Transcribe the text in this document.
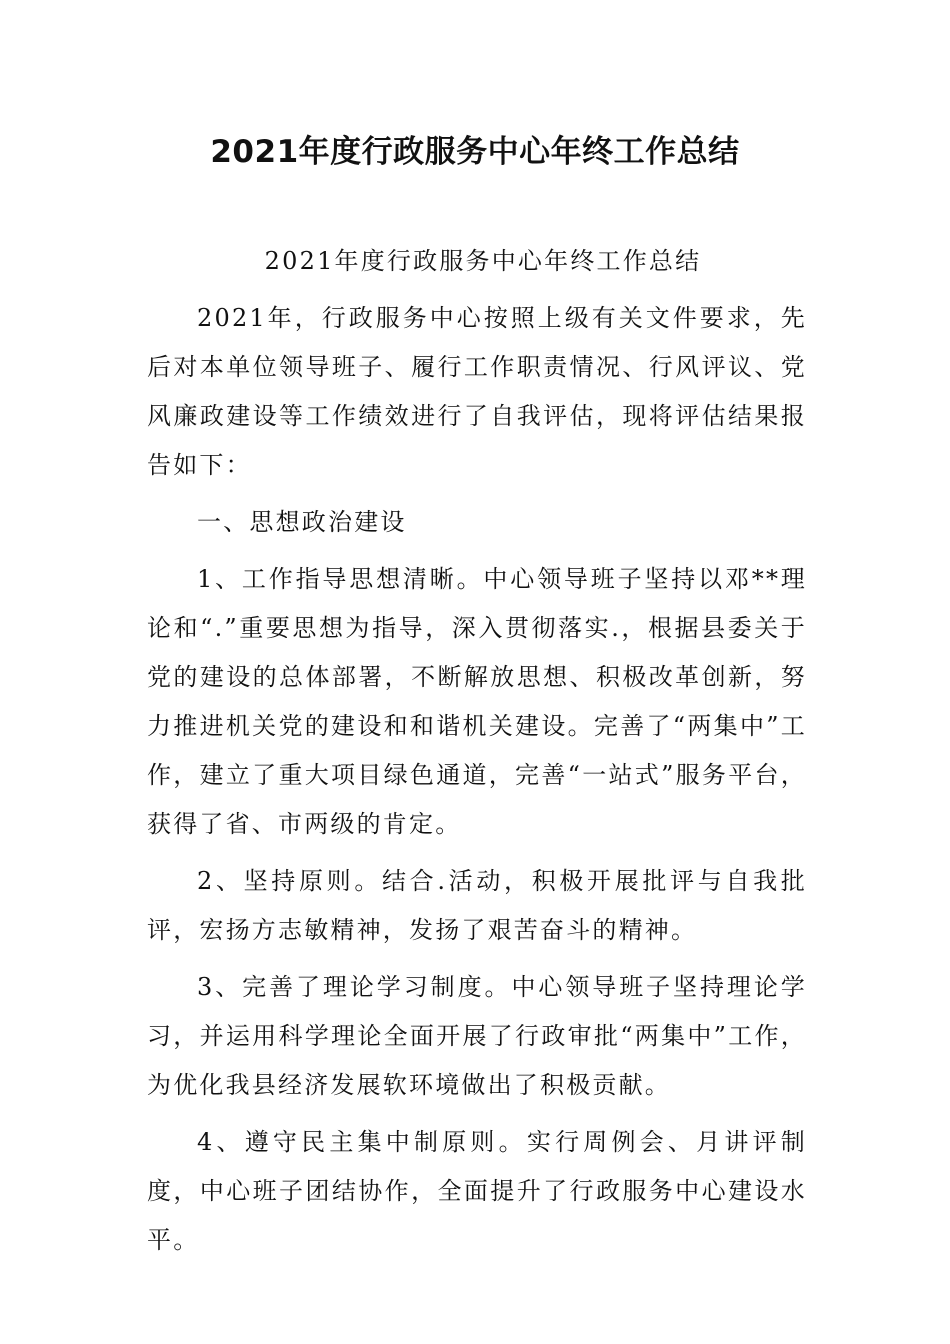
2021年度行政服务中心年终工作总结

2021年度行政服务中心年终工作总结

2021年，行政服务中心按照上级有关文件要求，先后对本单位领导班子、履行工作职责情况、行风评议、党风廉政建设等工作绩效进行了自我评估，现将评估结果报告如下：

一、思想政治建设

1、工作指导思想清晰。中心领导班子坚持以邓**理论和“.”重要思想为指导，深入贯彻落实.，根据县委关于党的建设的总体部署，不断解放思想、积极改革创新，努力推进机关党的建设和和谐机关建设。完善了“两集中”工作，建立了重大项目绿色通道，完善“一站式”服务平台，获得了省、市两级的肯定。

2、坚持原则。结合.活动，积极开展批评与自我批评，宏扬方志敏精神，发扬了艰苦奋斗的精神。

3、完善了理论学习制度。中心领导班子坚持理论学习，并运用科学理论全面开展了行政审批“两集中”工作，为优化我县经济发展软环境做出了积极贡献。

4、遵守民主集中制原则。实行周例会、月讲评制度，中心班子团结协作，全面提升了行政服务中心建设水平。
